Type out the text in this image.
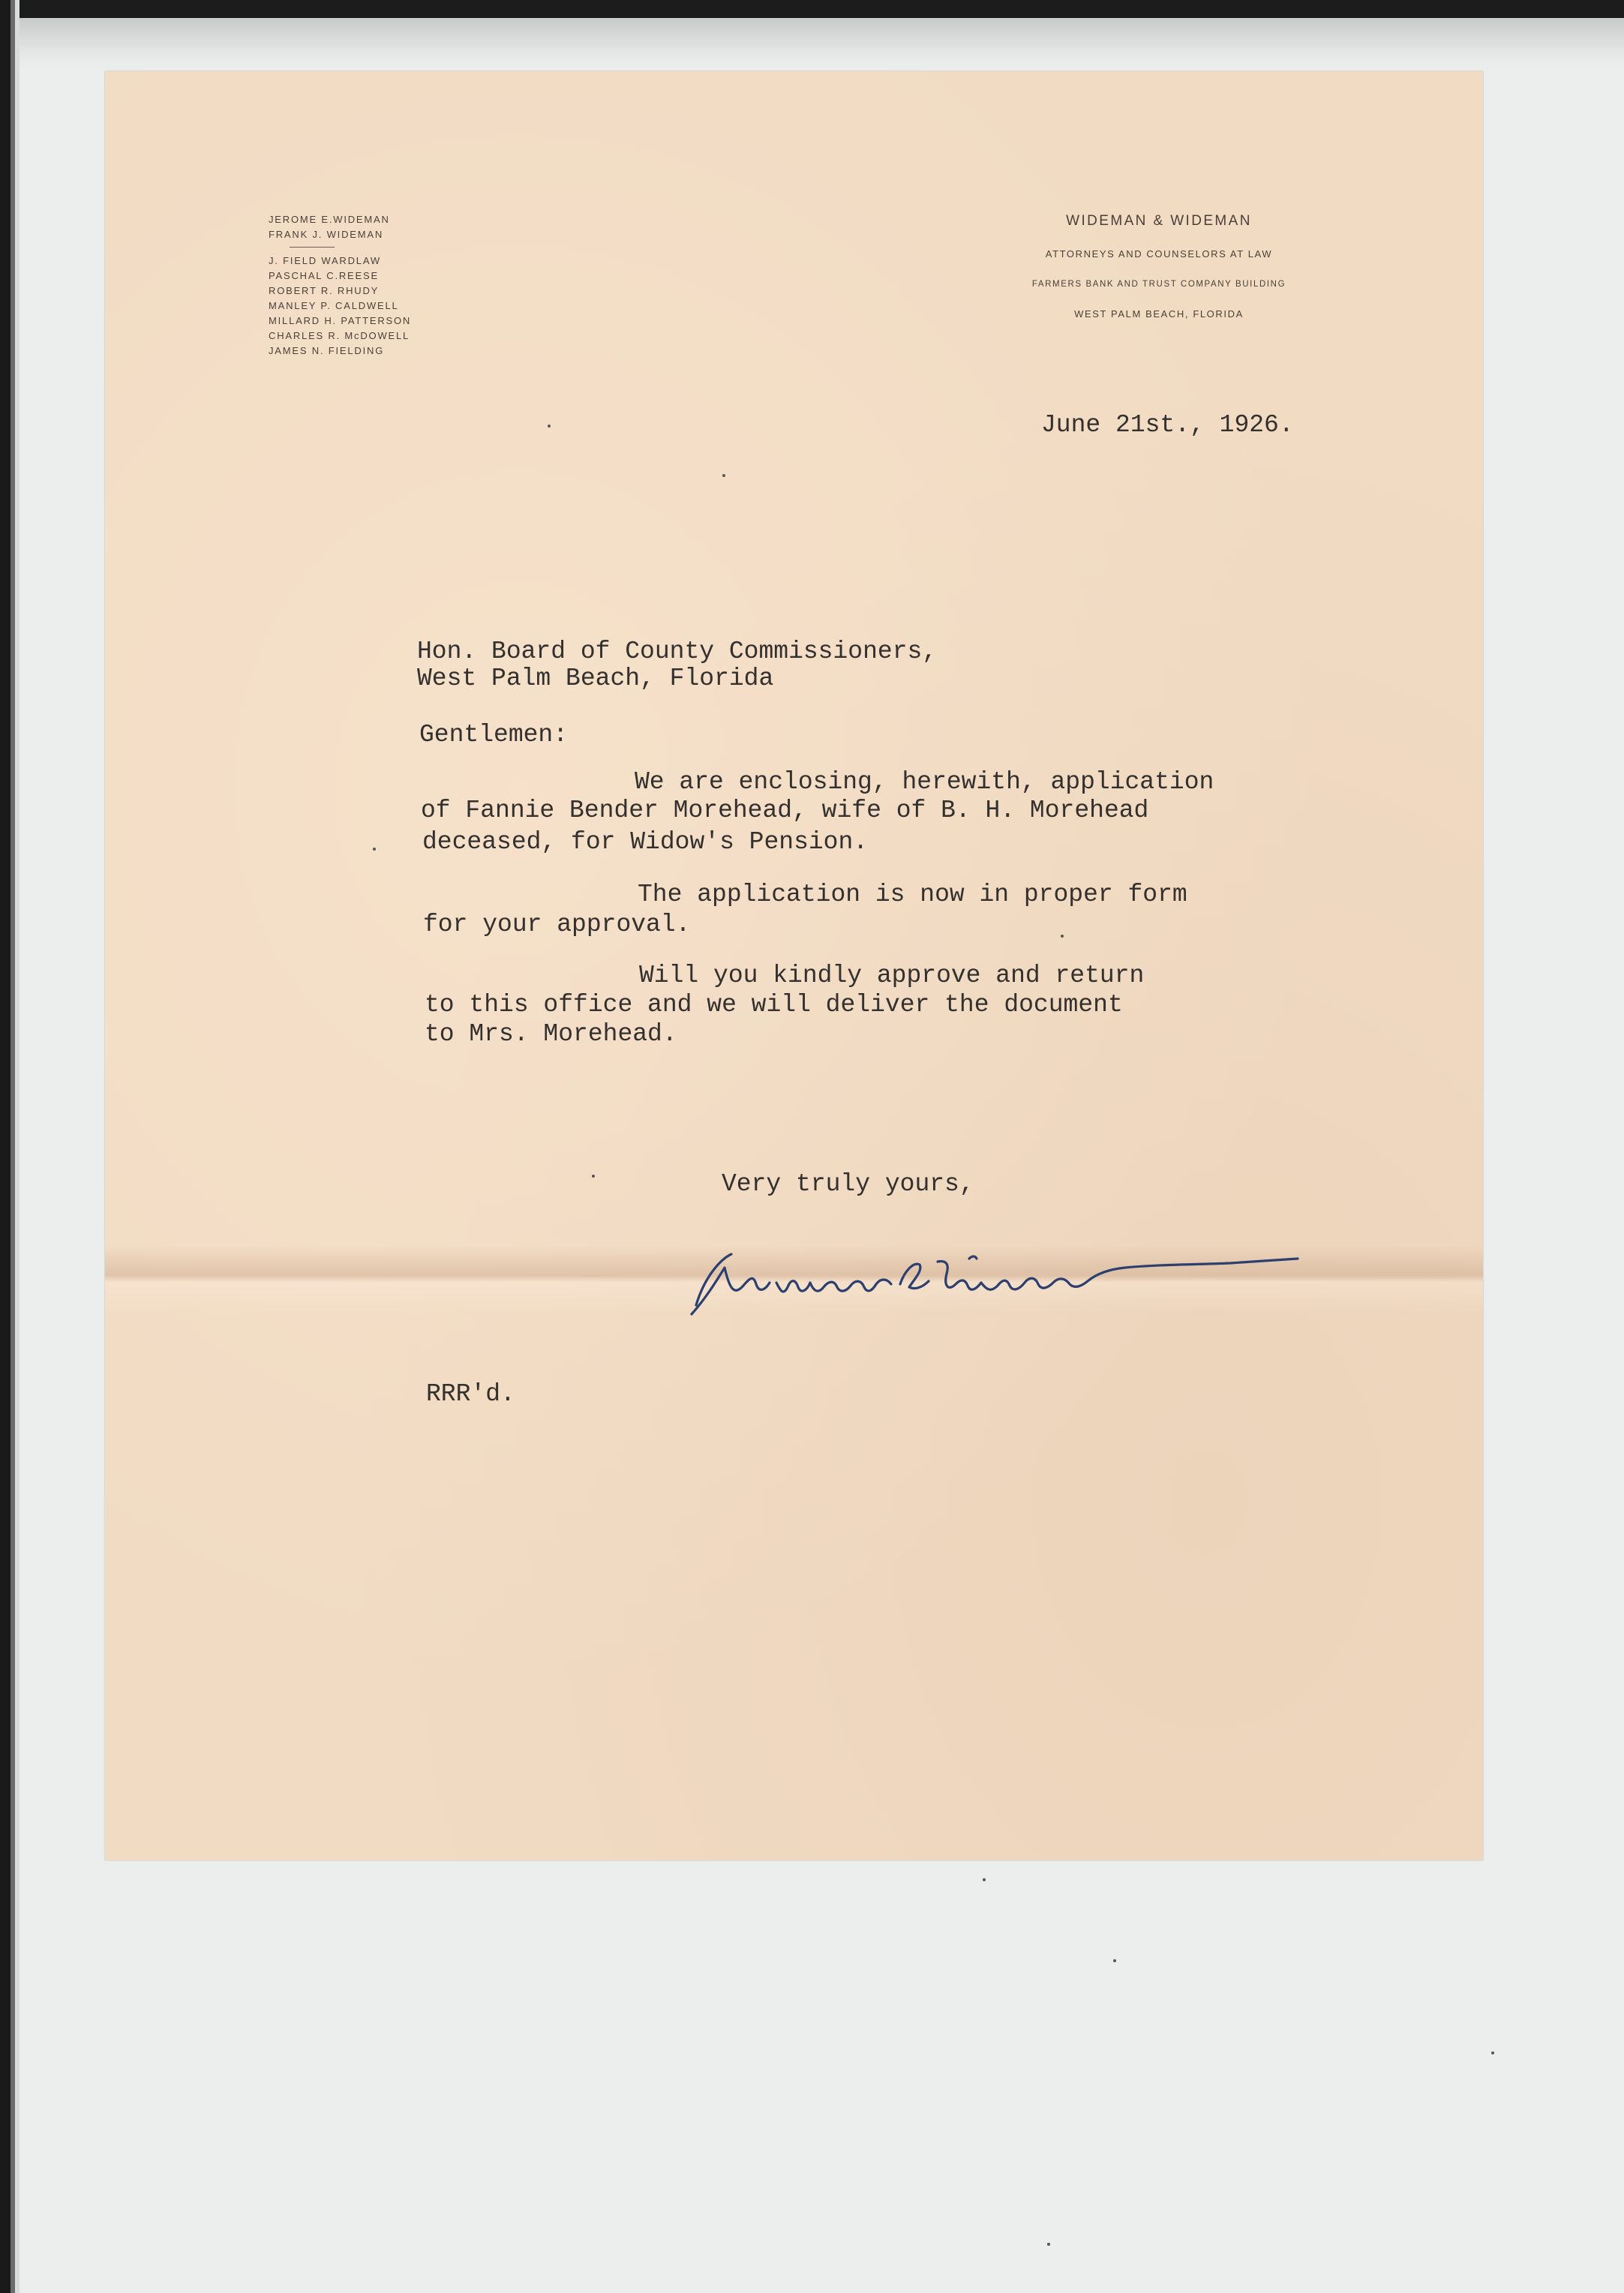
JEROME E.WIDEMAN
FRANK J. WIDEMAN
J. FIELD WARDLAW
PASCHAL C.REESE
ROBERT R. RHUDY
MANLEY P. CALDWELL
MILLARD H. PATTERSON
CHARLES R. McDOWELL
JAMES N. FIELDING
WIDEMAN & WIDEMAN
ATTORNEYS AND COUNSELORS AT LAW
FARMERS BANK AND TRUST COMPANY BUILDING
WEST PALM BEACH, FLORIDA
June 21st., 1926.
Hon. Board of County Commissioners,
West Palm Beach, Florida
Gentlemen:
We are enclosing, herewith, application
of Fannie Bender Morehead, wife of B. H. Morehead
deceased, for Widow's Pension.
The application is now in proper form
for your approval.
Will you kindly approve and return
to this office and we will deliver the document
to Mrs. Morehead.
Very truly yours,
RRR'd.
